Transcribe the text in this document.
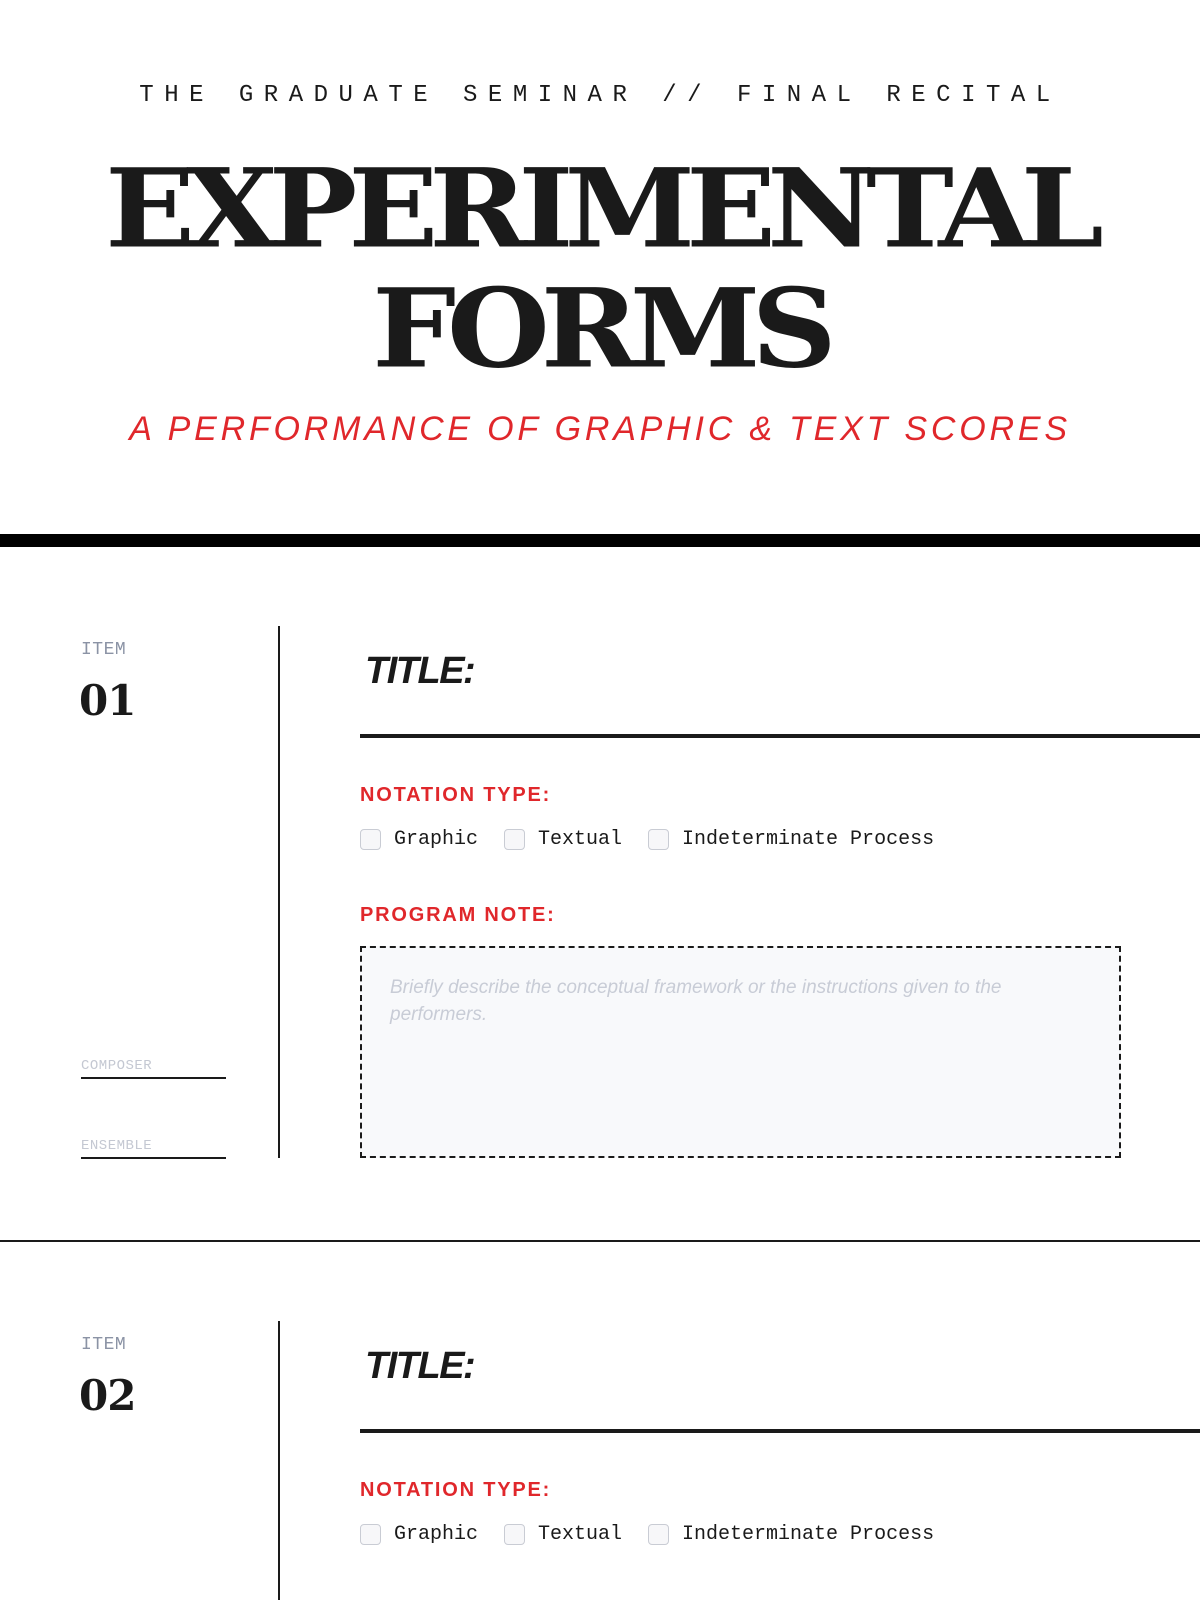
THE GRADUATE SEMINAR // FINAL RECITAL
EXPERIMENTAL
FORMS
A PERFORMANCE OF GRAPHIC & TEXT SCORES
ITEM
01
COMPOSER
ENSEMBLE
TITLE:
NOTATION TYPE:
Graphic	Textual	Indeterminate Process
PROGRAM NOTE:
Briefly describe the conceptual framework or the instructions given to the performers.
ITEM
02
TITLE:
NOTATION TYPE:
Graphic	Textual	Indeterminate Process
